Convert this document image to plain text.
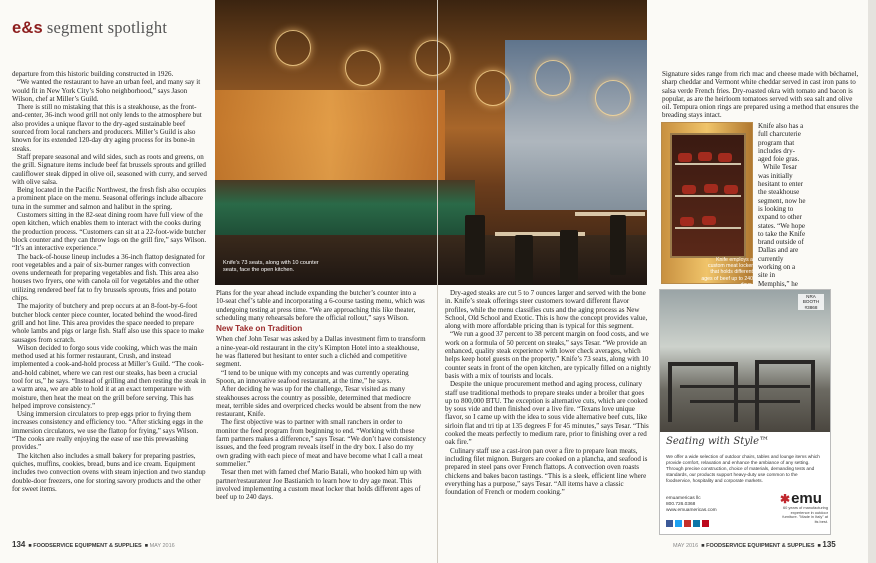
e&s segment spotlight

departure from this historic building constructed in 1926.

“We wanted the restaurant to have an urban feel, and many say it would fit in New York City’s Soho neighborhood,” says Jason Wilson, chef at Miller’s Guild.

There is still no mistaking that this is a steakhouse, as the front-and-center, 36-inch wood grill not only lends to the atmosphere but also provides a unique flavor to the dry-aged sustainable beef sourced from local ranchers and producers. Miller’s Guild is also known for its extended 120-day dry aging process for its bone-in steaks.

Staff prepare seasonal and wild sides, such as roots and greens, on the grill. Signature items include beef fat brussels sprouts and grilled cauliflower steak dipped in olive oil, seasoned with curry, and served with olive salsa.

Being located in the Pacific Northwest, the fresh fish also occupies a prominent place on the menu. Seasonal offerings include albacore tuna in the summer and salmon and halibut in the spring.

Customers sitting in the 82-seat dining room have full view of the open kitchen, which enables them to interact with the cooks during the production process. “Customers can sit at a 22-foot-wide butcher block counter and they can throw logs on the grill fire,” says Wilson. “It’s an interactive experience.”

The back-of-house lineup includes a 36-inch flattop designated for root vegetables and a pair of six-burner ranges with convection ovens underneath for preparing vegetables and fish. This area also houses two fryers, one with canola oil for vegetables and the other utilizing rendered beef fat to fry brussels sprouts, fries and potato chips.

The majority of butchery and prep occurs at an 8-foot-by-6-foot butcher block center piece counter, located behind the wood-fired grill and hot line. This area provides the space needed to prepare whole lambs and pigs or large fish. Staff also use this space to make sausages from scratch.

Wilson decided to forgo sous vide cooking, which was the main method used at his former restaurant, Crush, and instead implemented a cook-and-hold process at Miller’s Guild. “The cook-and-hold cabinet, where we can rest our steaks, has been a crucial tool for us,” he says. “Instead of grilling and then resting the steak in a warm area, we are able to hold it at an exact temperature with moisture, then heat the meat on the grill before serving. This has helped improve consistency.”

Using immersion circulators to prep eggs prior to frying them increases consistency and efficiency too. “After sticking eggs in the immersion circulators, we use the flattop for frying,” says Wilson. “The cooks are really enjoying the ease of use this prewashing provides.”

The kitchen also includes a small bakery for preparing pastries, quiches, muffins, cookies, bread, buns and ice cream. Equipment includes two convection ovens with steam injection and two standup double-door freezers, one for storing savory products and the other for sweet items.

Knife’s 73 seats, along with 10 counter seats, face the open kitchen.

Plans for the year ahead include expanding the butcher’s counter into a 10-seat chef’s table and incorporating a 6-course tasting menu, which was undergoing testing at press time. “We are approaching this like theater, scheduling many rehearsals before the official rollout,” says Wilson.

New Take on Tradition

When chef John Tesar was asked by a Dallas investment firm to transform a nine-year-old restaurant in the city’s Kimpton Hotel into a steakhouse, he was flattered but hesitant to enter such a clichéd and competitive segment.

“I tend to be unique with my concepts and was currently operating Spoon, an innovative seafood restaurant, at the time,” he says.

After deciding he was up for the challenge, Tesar visited as many steakhouses across the country as possible, determined that mediocre meat, terrible sides and overpriced checks would be absent from the new restaurant, Knife.

The first objective was to partner with small ranchers in order to monitor the feed program from beginning to end. “Working with these farm partners makes a difference,” says Tesar. “We don’t have consistency issues, and the feed program reveals itself in the dry box. I also do my own grading with each piece of meat and have become what I call a meat sommelier.”

Tesar then met with famed chef Mario Batali, who hooked him up with partner/restaurateur Joe Bastianich to learn how to dry age meat. This involved implementing a custom meat locker that holds different ages of beef up to 240 days.

Dry-aged steaks are cut 5 to 7 ounces larger and served with the bone in. Knife’s steak offerings steer customers toward different flavor profiles, while the menu classifies cuts and the aging process as New School, Old School and Exotic. This is how the concept provides value, along with more affordable pricing than is typical for this segment.

“We run a good 37 percent to 38 percent margin on food costs, and we work on a formula of 50 percent on steaks,” says Tesar. “We provide an enhanced, quality steak experience with lower check averages, which helps keep hotel guests on the property.” Knife’s 73 seats, along with 10 counter seats in front of the open kitchen, are typically filled on a nightly basis with a mix of tourists and locals.

Despite the unique procurement method and aging process, culinary staff use traditional methods to prepare steaks under a broiler that goes up to 800,000 BTU. The exception is alternative cuts, which are cooked by sous vide and then finished over a live fire. “Texans love unique flavor, so I came up with the idea to sous vide alternative beef cuts, like sirloin flat and tri tip at 135 degrees F for 45 minutes,” says Tesar. “This cooked the meats perfectly to medium rare, prior to finishing over a red oak fire.”

Culinary staff use a cast-iron pan over a fire to prepare lean meats, including filet mignon. Burgers are cooked on a plancha, and seafood is prepared in steel pans over French flattops. A convection oven roasts chickens and bakes bacon tastings. “This is a sleek, efficient line where everything has a purpose,” says Tesar. “All items have a classic foundation of French or modern cooking.”

Signature sides range from rich mac and cheese made with béchamel, sharp cheddar and Vermont white cheddar served in cast iron pans to salsa verde French fries. Dry-roasted okra with tomato and bacon is popular, as are the heirloom tomatoes served with sea salt and olive oil. Tempura onion rings are prepared using a method that ensures the breading stays intact.

Knife also has a full charcuterie program that includes dry-aged foie gras.

While Tesar was initially hesitant to enter the steakhouse segment, now he is looking to expand to other states. “We hope to take the Knife brand outside of Dallas and are currently working on a site in Memphis,” he

Knife employs a custom meat locker that holds different ages of beef up to 240 days.
NRA BOOTH #3868
Seating with Style™
We offer a wide selection of outdoor chairs, tables and lounge items which provide comfort, relaxation and enhance the ambiance of any setting. Through precise construction, choice of materials, demanding tests and standards, our products support heavy-duty use common to the foodservice, hospitality and corporate markets.
emuamericas llc
800.726.0368
www.emuamericas.com
✱emu
60 years of manufacturing experience in outdoor furniture. "Made in Italy" at its best.
134  ■ FOODSERVICE EQUIPMENT & SUPPLIES  ■ MAY 2016	MAY 2016  ■ FOODSERVICE EQUIPMENT & SUPPLIES  ■ 135
